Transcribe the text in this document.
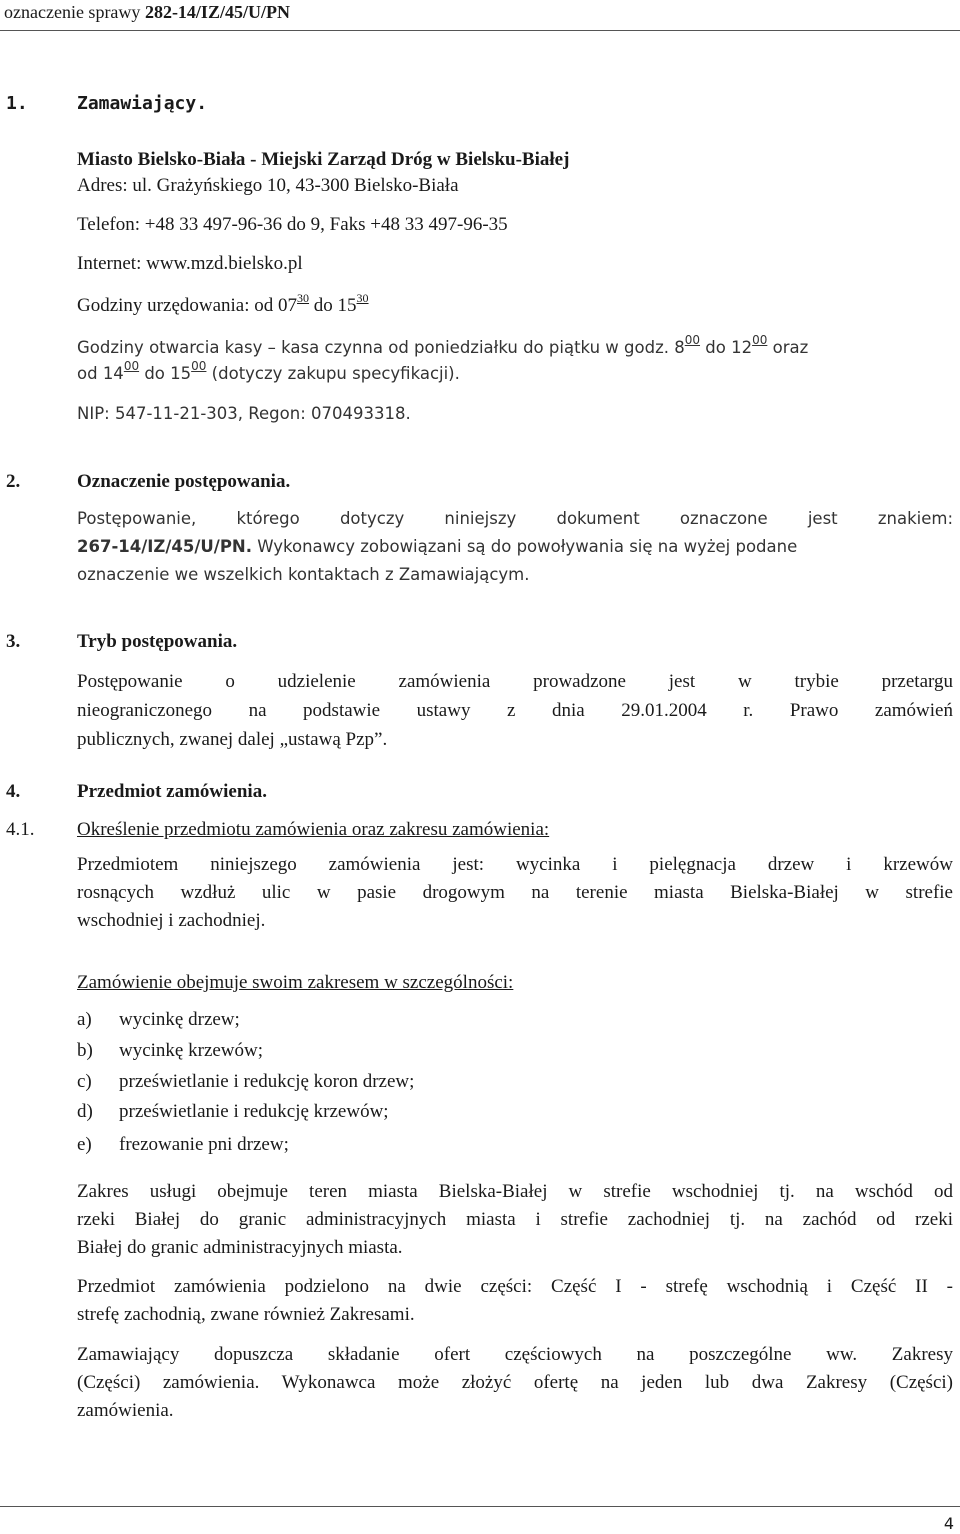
oznaczenie sprawy 282-14/IZ/45/U/PN
1.	Zamawiający.
Miasto Bielsko-Biała - Miejski Zarząd Dróg w Bielsku-Białej
Adres: ul. Grażyńskiego 10, 43-300 Bielsko-Biała
Telefon: +48 33 497-96-36 do 9, Faks +48 33 497-96-35
Internet: www.mzd.bielsko.pl
Godziny urzędowania: od $07^{30}$ do $15^{30}$
Godziny otwarcia kasy – kasa czynna od poniedziałku do piątku w godz. $8^{00}$ do $12^{00}$ oraz
od $14^{00}$ do $15^{00}$ (dotyczy zakupu specyfikacji).
NIP: 547-11-21-303, Regon: 070493318.
2.	Oznaczenie postępowania.
Postępowanie, którego dotyczy niniejszy dokument oznaczone jest znakiem:
267-14/IZ/45/U/PN. Wykonawcy zobowiązani są do powoływania się na wyżej podane
oznaczenie we wszelkich kontaktach z Zamawiającym.
3.	Tryb postępowania.
Postępowanie o udzielenie zamówienia prowadzone jest w trybie przetargu
nieograniczonego na podstawie ustawy z dnia 29.01.2004 r. Prawo zamówień
publicznych, zwanej dalej „ustawą Pzp”.
4.	Przedmiot zamówienia.
4.1. Określenie przedmiotu zamówienia oraz zakresu zamówienia:
Przedmiotem niniejszego zamówienia jest: wycinka i pielęgnacja drzew i krzewów
rosnących wzdłuż ulic w pasie drogowym na terenie miasta Bielska-Białej w strefie
wschodniej i zachodniej.
Zamówienie obejmuje swoim zakresem w szczególności:
a) wycinkę drzew;
b) wycinkę krzewów;
c) prześwietlanie i redukcję koron drzew;
d) prześwietlanie i redukcję krzewów;
e) frezowanie pni drzew;
Zakres usługi obejmuje teren miasta Bielska-Białej w strefie wschodniej tj. na wschód od
rzeki Białej do granic administracyjnych miasta i strefie zachodniej tj. na zachód od rzeki
Białej do granic administracyjnych miasta.
Przedmiot zamówienia podzielono na dwie części: Część I - strefę wschodnią i Część II -
strefę zachodnią, zwane również Zakresami.
Zamawiający dopuszcza składanie ofert częściowych na poszczególne ww. Zakresy
(Części) zamówienia. Wykonawca może złożyć ofertę na jeden lub dwa Zakresy (Części)
zamówienia.
4
